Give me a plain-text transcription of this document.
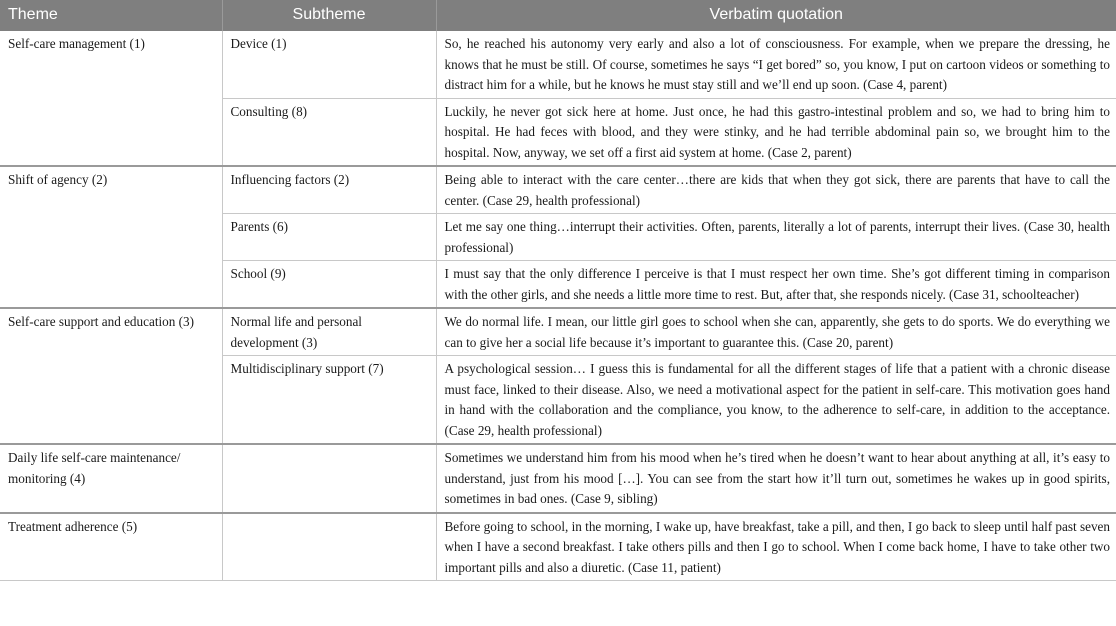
Theme	Subtheme	Verbatim quotation
Self-care management (1)	Device (1)	So, he reached his autonomy very early and also a lot of consciousness. For example, when we prepare the dressing, he knows that he must be still. Of course, sometimes he says “I get bored” so, you know, I put on cartoon videos or something to distract him for a while, but he knows he must stay still and we’ll end up soon. (Case 4, parent)
	Consulting (8)	Luckily, he never got sick here at home. Just once, he had this gastro-intestinal problem and so, we had to bring him to hospital. He had feces with blood, and they were stinky, and he had terrible abdominal pain so, we brought him to the hospital. Now, anyway, we set off a first aid system at home. (Case 2, parent)
Shift of agency (2)	Influencing factors (2)	Being able to interact with the care center…there are kids that when they got sick, there are parents that have to call the center. (Case 29, health professional)
	Parents (6)	Let me say one thing…interrupt their activities. Often, parents, literally a lot of parents, interrupt their lives. (Case 30, health professional)
	School (9)	I must say that the only difference I perceive is that I must respect her own time. She’s got different timing in comparison with the other girls, and she needs a little more time to rest. But, after that, she responds nicely. (Case 31, schoolteacher)
Self-care support and education (3)	Normal life and personal development (3)	We do normal life. I mean, our little girl goes to school when she can, apparently, she gets to do sports. We do everything we can to give her a social life because it’s important to guarantee this. (Case 20, parent)
	Multidisciplinary support (7)	A psychological session… I guess this is fundamental for all the different stages of life that a patient with a chronic disease must face, linked to their disease. Also, we need a motivational aspect for the patient in self-care. This motivation goes hand in hand with the collaboration and the compliance, you know, to the adherence to self-care, in addition to the acceptance. (Case 29, health professional)
Daily life self-care maintenance/ monitoring (4)		Sometimes we understand him from his mood when he’s tired when he doesn’t want to hear about anything at all, it’s easy to understand, just from his mood […]. You can see from the start how it’ll turn out, sometimes he wakes up in good spirits, sometimes in bad ones. (Case 9, sibling)
Treatment adherence (5)		Before going to school, in the morning, I wake up, have breakfast, take a pill, and then, I go back to sleep until half past seven when I have a second breakfast. I take others pills and then I go to school. When I come back home, I have to take other two important pills and also a diuretic. (Case 11, patient)
